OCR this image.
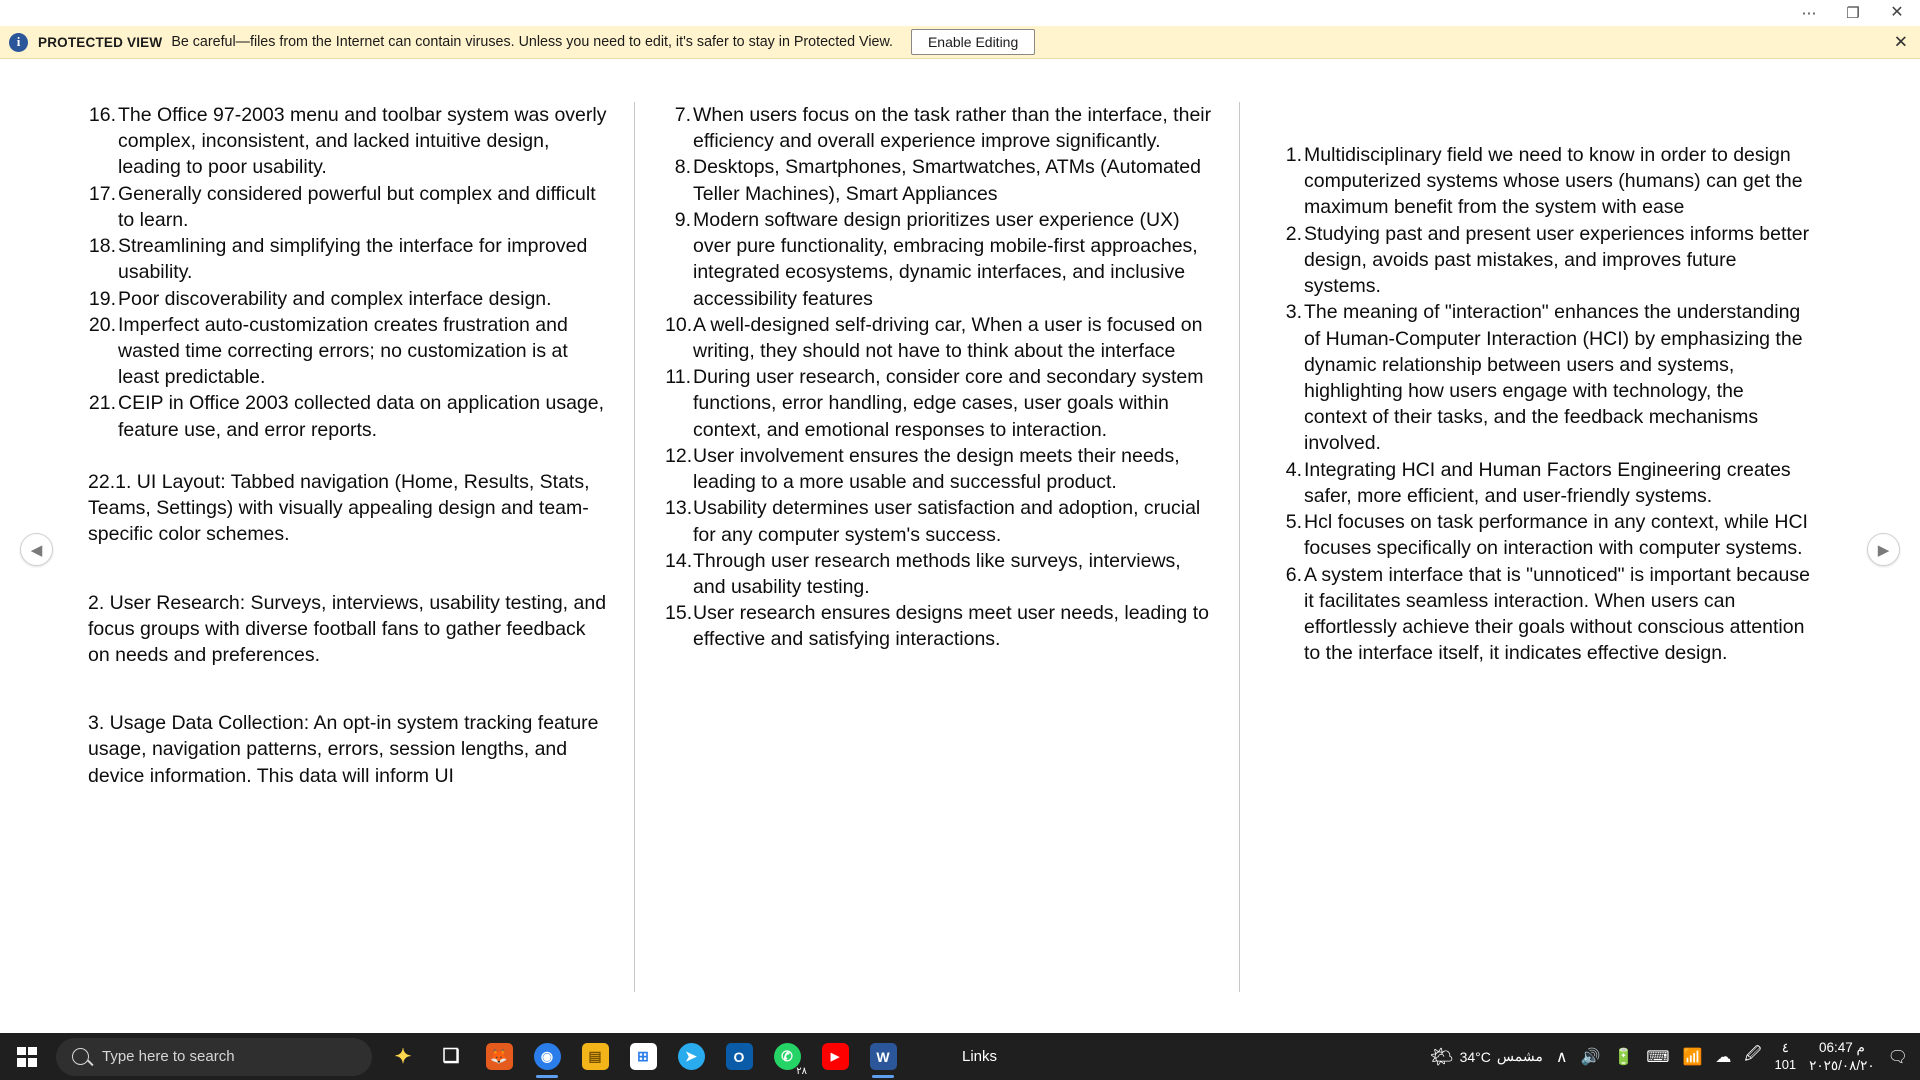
⋯	❐	✕
i	PROTECTED VIEW Be careful—files from the Internet can contain viruses. Unless you need to edit, it's safer to stay in Protected View.	Enable Editing	✕
16. The Office 97-2003 menu and toolbar system was overly complex, inconsistent, and lacked intuitive design, leading to poor usability.
17. Generally considered powerful but complex and difficult to learn.
18. Streamlining and simplifying the interface for improved usability.
19. Poor discoverability and complex interface design.
20. Imperfect auto-customization creates frustration and wasted time correcting errors; no customization is at least predictable.
21. CEIP in Office 2003 collected data on application usage, feature use, and error reports.

22.1. UI Layout: Tabbed navigation (Home, Results, Stats, Teams, Settings) with visually appealing design and team-specific color schemes.

2. User Research: Surveys, interviews, usability testing, and focus groups with diverse football fans to gather feedback on needs and preferences.

3. Usage Data Collection: An opt-in system tracking feature usage, navigation patterns, errors, session lengths, and device information. This data will inform UI

7. When users focus on the task rather than the interface, their efficiency and overall experience improve significantly.
8. Desktops, Smartphones, Smartwatches, ATMs (Automated Teller Machines), Smart Appliances
9. Modern software design prioritizes user experience (UX) over pure functionality, embracing mobile-first approaches, integrated ecosystems, dynamic interfaces, and inclusive accessibility features
10. A well-designed self-driving car, When a user is focused on writing, they should not have to think about the interface
11. During user research, consider core and secondary system functions, error handling, edge cases, user goals within context, and emotional responses to interaction.
12. User involvement ensures the design meets their needs, leading to a more usable and successful product.
13. Usability determines user satisfaction and adoption, crucial for any computer system's success.
14. Through user research methods like surveys, interviews, and usability testing.
15. User research ensures designs meet user needs, leading to effective and satisfying interactions.
1. Multidisciplinary field we need to know in order to design computerized systems whose users (humans) can get the maximum benefit from the system with ease
2. Studying past and present user experiences informs better design, avoids past mistakes, and improves future systems.
3. The meaning of "interaction" enhances the understanding of Human-Computer Interaction (HCI) by emphasizing the dynamic relationship between users and systems, highlighting how users engage with technology, the context of their tasks, and the feedback mechanisms involved.
4. Integrating HCI and Human Factors Engineering creates safer, more efficient, and user-friendly systems.
5. Hcl focuses on task performance in any context, while HCI focuses specifically on interaction with computer systems.
6. A system interface that is "unnoticed" is important because it facilitates seamless interaction. When users can effortlessly achieve their goals without conscious attention to the interface itself, it indicates effective design.
◀	▶
Type here to search	✦ ❏	🦊	◉	▤	⊞	➤	O	✆
٢٨
▶	W	Links	🌤 34°C مشمس ∧ 🔊 🔋 ⌨ 📶 ☁ 🖉	٤
101
06:47 م
٢٠٢٥/٠٨/٢٠ 🗨
